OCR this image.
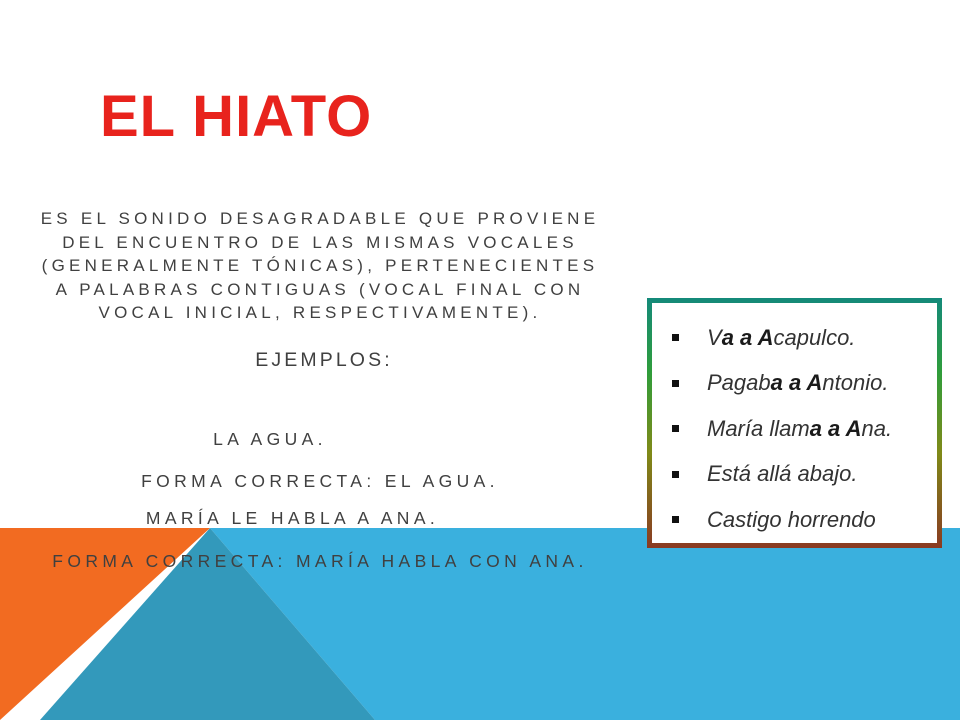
EL HIATO
ES EL SONIDO DESAGRADABLE QUE PROVIENE
DEL ENCUENTRO DE LAS MISMAS VOCALES
(GENERALMENTE TÓNICAS), PERTENECIENTES
A PALABRAS CONTIGUAS (VOCAL FINAL CON
VOCAL INICIAL, RESPECTIVAMENTE).
EJEMPLOS:
LA AGUA.
FORMA CORRECTA: EL AGUA.
MARÍA LE HABLA A ANA.
FORMA CORRECTA: MARÍA HABLA CON ANA.
Va a Acapulco.
Pagaba a Antonio.
María llama a Ana.
Está allá abajo.
Castigo horrendo
